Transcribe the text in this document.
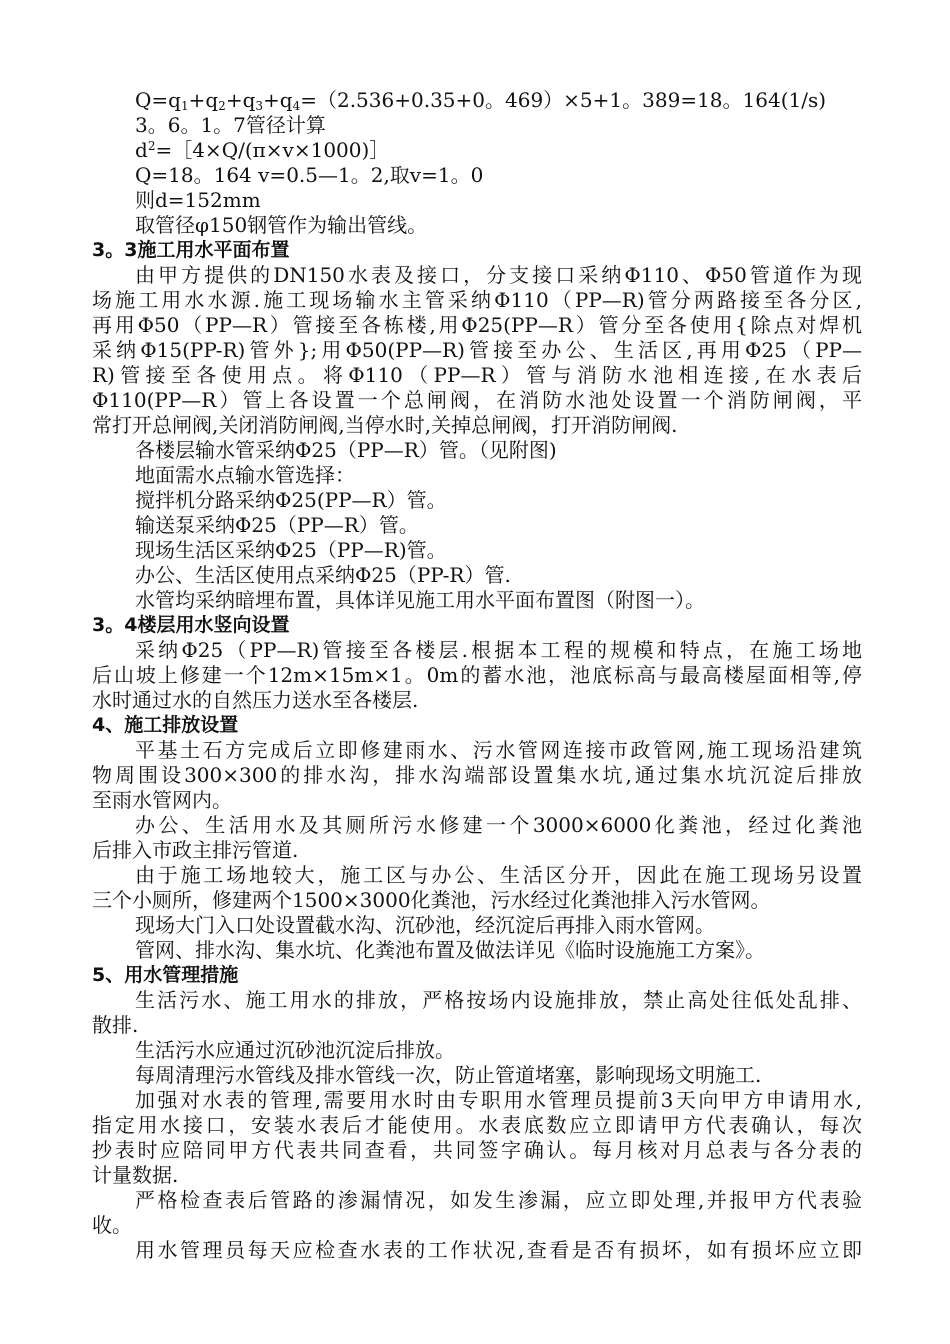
$Q=q_1+q_2+q_3+q_4=(2.536+0.35+0$。469）×5+1。389=18。164(1/s)
3。6。1。7管径计算
$d^2=[4\times Q/(\pi\times v\times 1000)]$
Q=18。164 v=0.5—1。2,取v=1。0
则d=152mm
取管径φ150钢管作为输出管线。
3。3施工用水平面布置
由甲方提供的DN150水表及接口，分支接口采纳Φ110、Φ50管道作为现
场施工用水水源.施工现场输水主管采纳Φ110（PP—R)管分两路接至各分区,
再用Φ50（PP—R）管接至各栋楼,用Φ25(PP—R）管分至各使用{除点对焊机
采纳Φ15(PP-R)管外};用Φ50(PP—R)管接至办公、生活区,再用Φ25（PP—
R)管接至各使用点。将Φ110（PP—R）管与消防水池相连接,在水表后
Φ110(PP—R）管上各设置一个总闸阀，在消防水池处设置一个消防闸阀，平
常打开总闸阀,关闭消防闸阀,当停水时,关掉总闸阀，打开消防闸阀.
各楼层输水管采纳Φ25（PP—R）管。（见附图)
地面需水点输水管选择：
搅拌机分路采纳Φ25(PP—R）管。
输送泵采纳Φ25（PP—R）管。
现场生活区采纳Φ25（PP—R)管。
办公、生活区使用点采纳Φ25（PP-R）管.
水管均采纳暗埋布置，具体详见施工用水平面布置图（附图一）。
3。4楼层用水竖向设置
采纳Φ25（PP—R)管接至各楼层.根据本工程的规模和特点，在施工场地
后山坡上修建一个12m×15m×1。0m的蓄水池，池底标高与最高楼屋面相等,停
水时通过水的自然压力送水至各楼层.
4、施工排放设置
平基土石方完成后立即修建雨水、污水管网连接市政管网,施工现场沿建筑
物周围设300×300的排水沟，排水沟端部设置集水坑,通过集水坑沉淀后排放
至雨水管网内。
办公、生活用水及其厕所污水修建一个3000×6000化粪池，经过化粪池
后排入市政主排污管道.
由于施工场地较大，施工区与办公、生活区分开，因此在施工现场另设置
三个小厕所，修建两个1500×3000化粪池，污水经过化粪池排入污水管网。
现场大门入口处设置截水沟、沉砂池，经沉淀后再排入雨水管网。
管网、排水沟、集水坑、化粪池布置及做法详见《临时设施施工方案》。
5、用水管理措施
生活污水、施工用水的排放，严格按场内设施排放，禁止高处往低处乱排、
散排.
生活污水应通过沉砂池沉淀后排放。
每周清理污水管线及排水管线一次，防止管道堵塞，影响现场文明施工.
加强对水表的管理,需要用水时由专职用水管理员提前3天向甲方申请用水,
指定用水接口，安装水表后才能使用。水表底数应立即请甲方代表确认，每次
抄表时应陪同甲方代表共同查看，共同签字确认。每月核对月总表与各分表的
计量数据.
严格检查表后管路的渗漏情况，如发生渗漏，应立即处理,并报甲方代表验
收。
用水管理员每天应检查水表的工作状况,查看是否有损坏，如有损坏应立即
